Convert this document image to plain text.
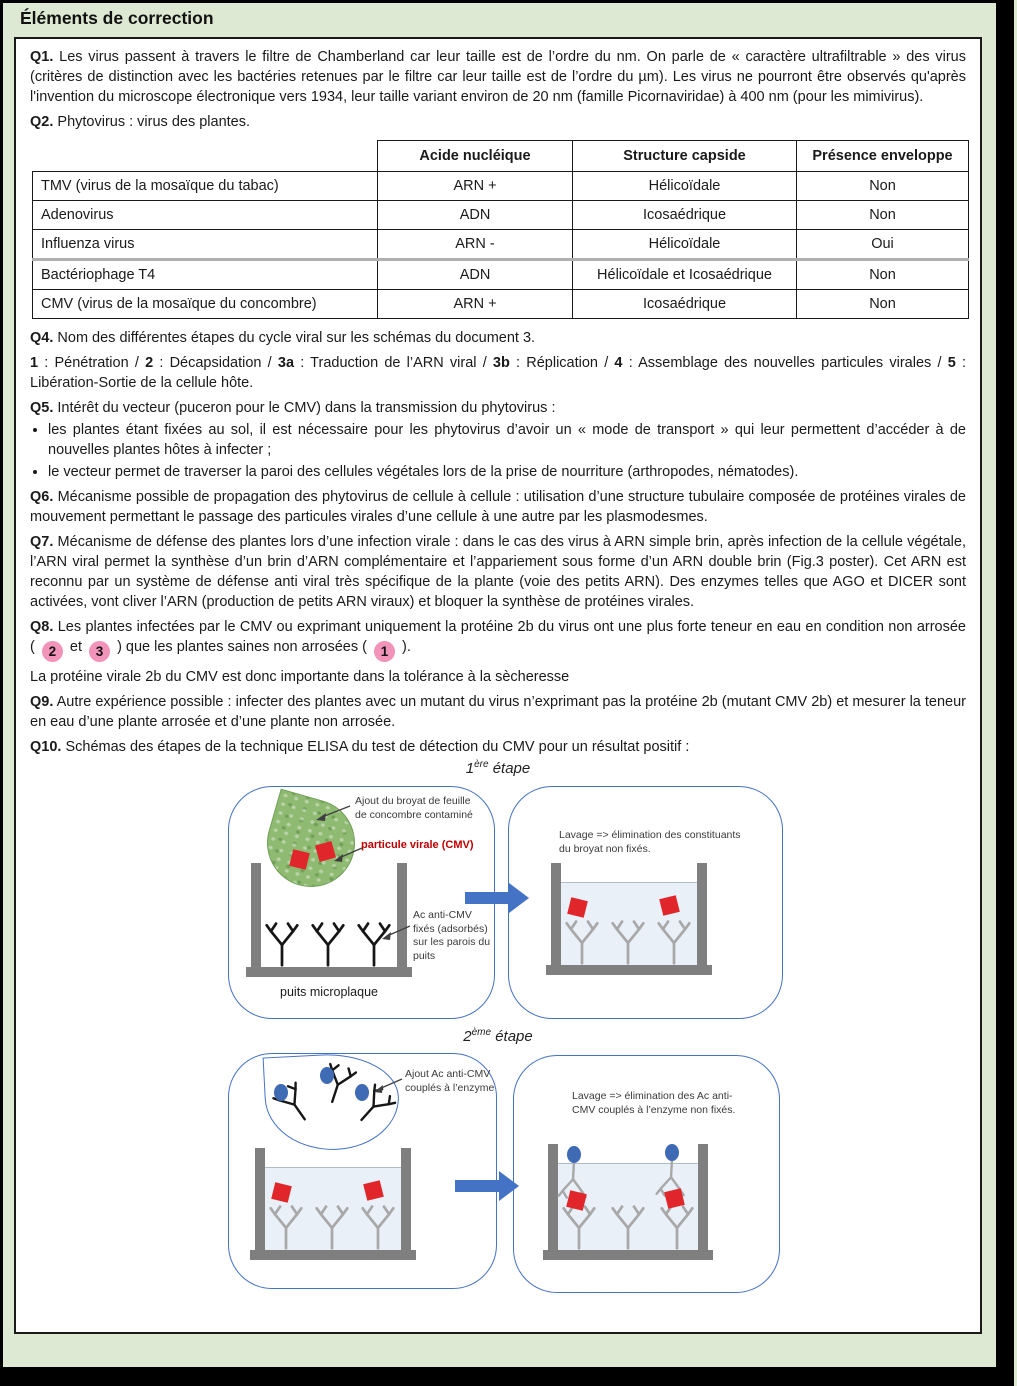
Éléments de correction

Q1. Les virus passent à travers le filtre de Chamberland car leur taille est de l’ordre du nm. On parle de « caractère ultrafiltrable » des virus (critères de distinction avec les bactéries retenues par le filtre car leur taille est de l’ordre du µm). Les virus ne pourront être observés qu'après l'invention du microscope électronique vers 1934, leur taille variant environ de 20 nm (famille Picornaviridae) à 400 nm (pour les mimivirus).

Q2. Phytovirus : virus des plantes.

	Acide nucléique	Structure capside	Présence enveloppe
TMV (virus de la mosaïque du tabac)	ARN +	Hélicoïdale	Non
Adenovirus	ADN	Icosaédrique	Non
Influenza virus	ARN -	Hélicoïdale	Oui
Bactériophage T4	ADN	Hélicoïdale et Icosaédrique	Non
CMV (virus de la mosaïque du concombre)	ARN +	Icosaédrique	Non

Q4. Nom des différentes étapes du cycle viral sur les schémas du document 3.

1 : Pénétration / 2 : Décapsidation / 3a : Traduction de l’ARN viral / 3b : Réplication / 4 : Assemblage des nouvelles particules virales / 5 : Libération-Sortie de la cellule hôte.

Q5. Intérêt du vecteur (puceron pour le CMV) dans la transmission du phytovirus :

• les plantes étant fixées au sol, il est nécessaire pour les phytovirus d’avoir un « mode de transport » qui leur permettent d’accéder à de nouvelles plantes hôtes à infecter ;
• le vecteur permet de traverser la paroi des cellules végétales lors de la prise de nourriture (arthropodes, nématodes).

Q6. Mécanisme possible de propagation des phytovirus de cellule à cellule : utilisation d’une structure tubulaire composée de protéines virales de mouvement permettant le passage des particules virales d’une cellule à une autre par les plasmodesmes.

Q7. Mécanisme de défense des plantes lors d’une infection virale : dans le cas des virus à ARN simple brin, après infection de la cellule végétale, l’ARN viral permet la synthèse d’un brin d’ARN complémentaire et l’appariement sous forme d’un ARN double brin (Fig.3 poster). Cet ARN est reconnu par un système de défense anti viral très spécifique de la plante (voie des petits ARN). Des enzymes telles que AGO et DICER sont activées, vont cliver l’ARN (production de petits ARN viraux) et bloquer la synthèse de protéines virales.

Q8. Les plantes infectées par le CMV ou exprimant uniquement la protéine 2b du virus ont une plus forte teneur en eau en condition non arrosée ( 2 et 3 ) que les plantes saines non arrosées ( 1 ).

La protéine virale 2b du CMV est donc importante dans la tolérance à la sècheresse

Q9. Autre expérience possible : infecter des plantes avec un mutant du virus n’exprimant pas la protéine 2b (mutant CMV 2b) et mesurer la teneur en eau d’une plante arrosée et d’une plante non arrosée.

Q10. Schémas des étapes de la technique ELISA du test de détection du CMV pour un résultat positif :

1ère étape
Ajout du broyat de feuille de concombre contaminé
particule virale (CMV)
Ac anti-CMV fixés (adsorbés) sur les parois du puits
puits microplaque
Lavage => élimination des constituants du broyat non fixés.
2ème étape
Ajout Ac anti-CMV couplés à l’enzyme
Lavage => élimination des Ac anti-CMV couplés à l’enzyme non fixés.
